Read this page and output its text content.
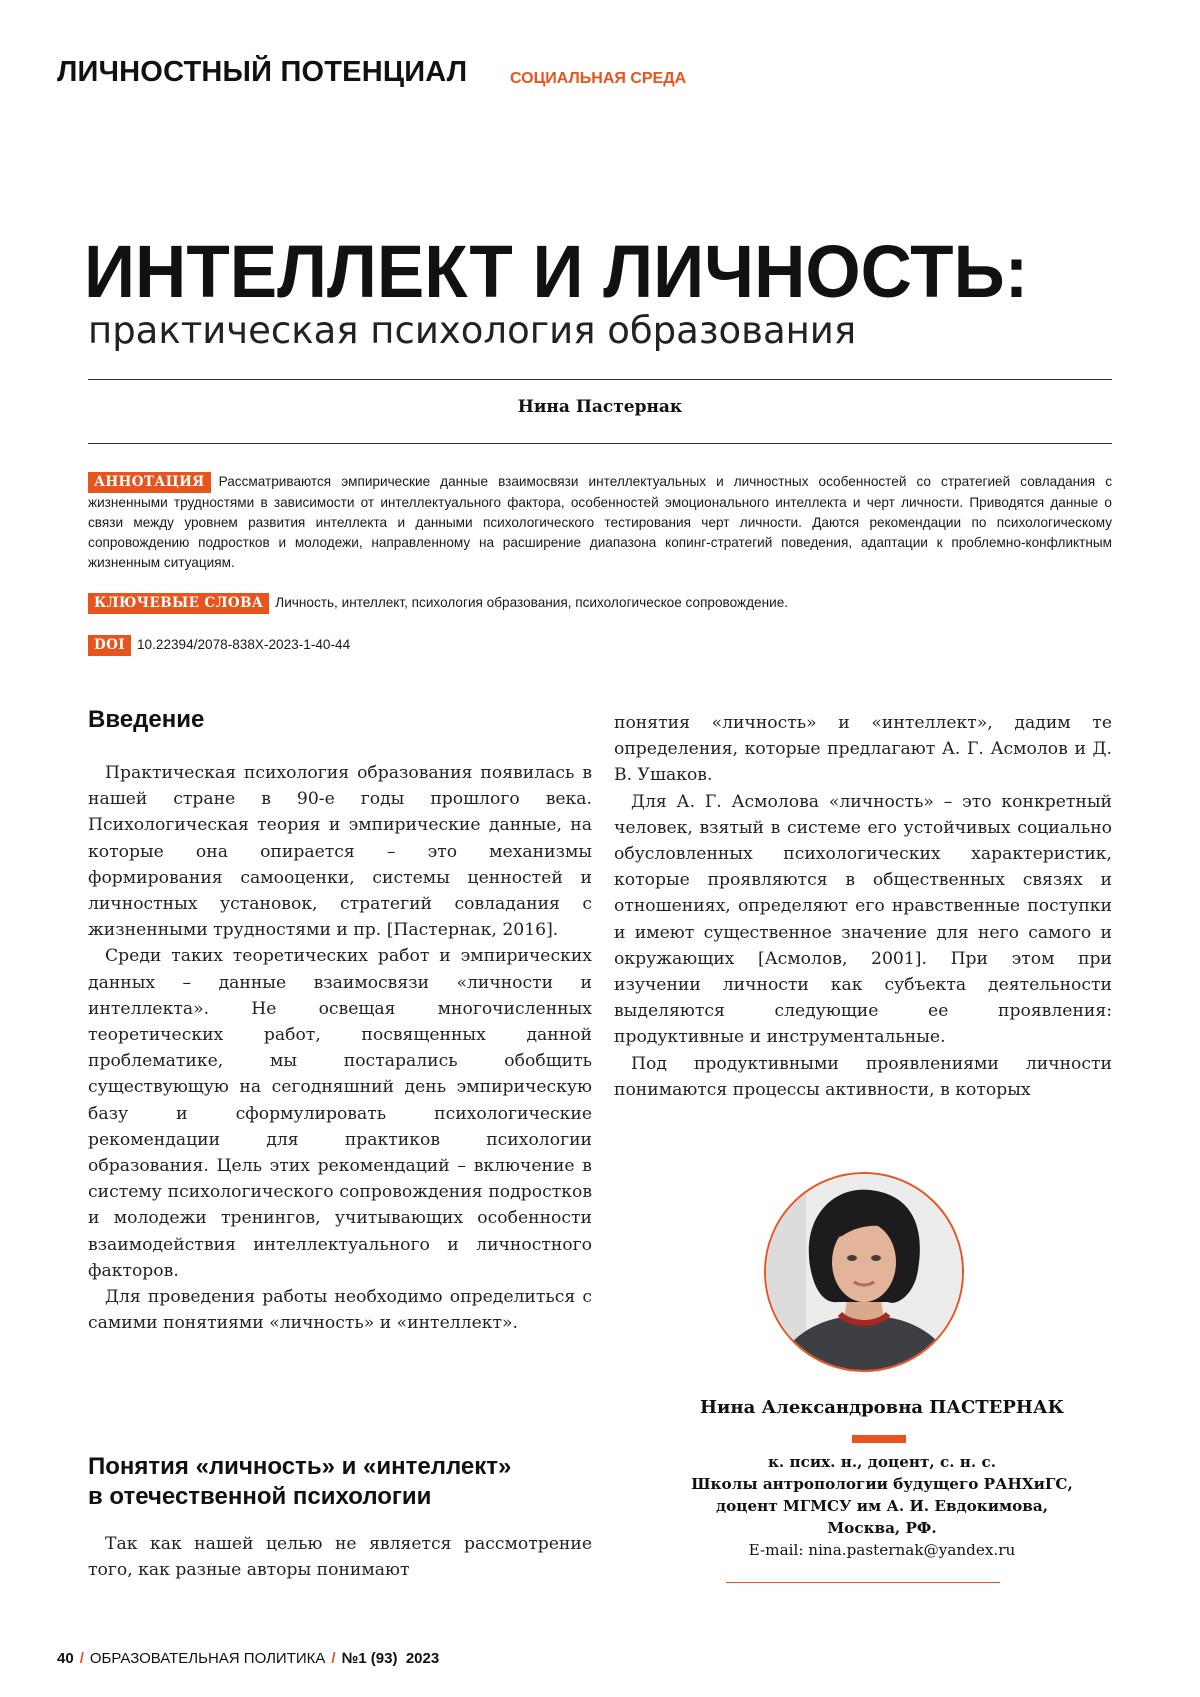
ЛИЧНОСТНЫЙ ПОТЕНЦИАЛ	СОЦИАЛЬНАЯ СРЕДА
ИНТЕЛЛЕКТ И ЛИЧНОСТЬ:
практическая психология образования
Нина Пастернак
АННОТАЦИЯ Рассматриваются эмпирические данные взаимосвязи интеллектуальных и личностных особенностей со стратегией совладания с жизненными трудностями в зависимости от интеллектуального фактора, особенностей эмоционального интеллекта и черт личности. Приводятся данные о связи между уровнем развития интеллекта и данными психологического тестирования черт личности. Даются рекомендации по психологическому сопровождению подростков и молодежи, направленному на расширение диапазона копинг-стратегий поведения, адаптации к проблемно-конфликтным жизненным ситуациям.
КЛЮЧЕВЫЕ СЛОВА Личность, интеллект, психология образования, психологическое сопровождение.
DOI 10.22394/2078-838Х-2023-1-40-44
Введение

Практическая психология образования появилась в нашей стране в 90-е годы прошлого века. Психологическая теория и эмпирические данные, на которые она опирается – это механизмы формирования самооценки, системы ценностей и личностных установок, стратегий совладания с жизненными трудностями и пр. [Пастернак, 2016].

Среди таких теоретических работ и эмпирических данных – данные взаимосвязи «личности и интеллекта». Не освещая многочисленных теоретических работ, посвященных данной проблематике, мы постарались обобщить существующую на сегодняшний день эмпирическую базу и сформулировать психологические рекомендации для практиков психологии образования. Цель этих рекомендаций – включение в систему психологического сопровождения подростков и молодежи тренингов, учитывающих особенности взаимодействия интеллектуального и личностного факторов.

Для проведения работы необходимо определиться с самими понятиями «личность» и «интеллект».

Понятия «личность» и «интеллект»
в отечественной психологии

Так как нашей целью не является рассмотрение того, как разные авторы понимают

понятия «личность» и «интеллект», дадим те определения, которые предлагают А. Г. Асмолов и Д. В. Ушаков.

Для А. Г. Асмолова «личность» – это конкретный человек, взятый в системе его устойчивых социально обусловленных психологических характеристик, которые проявляются в общественных связях и отношениях, определяют его нравственные поступки и имеют существенное значение для него самого и окружающих [Асмолов, 2001]. При этом при изучении личности как субъекта деятельности выделяются следующие ее проявления: продуктивные и инструментальные.

Под продуктивными проявлениями личности понимаются процессы активности, в которых

Нина Александровна ПАСТЕРНАК
к. псих. н., доцент, с. н. с.
Школы антропологии будущего РАНХиГС,
доцент МГМСУ им А. И. Евдокимова,
Москва, РФ.
E-mail: nina.pasternak@yandex.ru
40 / ОБРАЗОВАТЕЛЬНАЯ ПОЛИТИКА / №1 (93) 2023
